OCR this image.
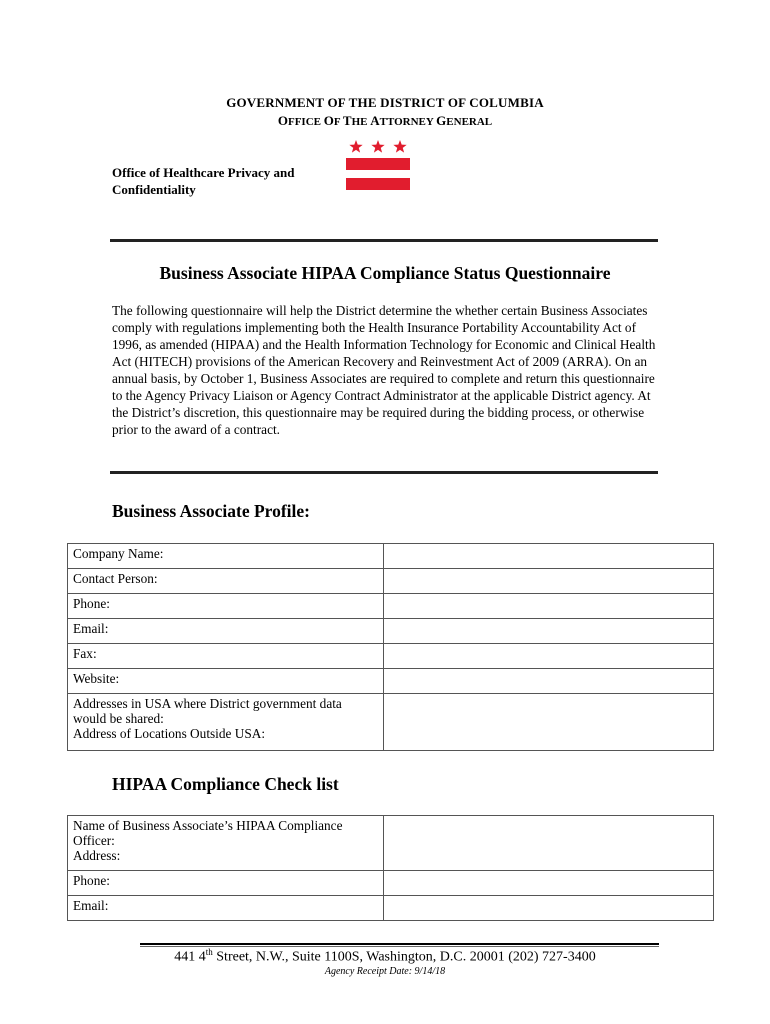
GOVERNMENT OF THE DISTRICT OF COLUMBIA
OFFICE OF THE ATTORNEY GENERAL
Office of Healthcare Privacy and Confidentiality
Business Associate HIPAA Compliance Status Questionnaire
The following questionnaire will help the District determine the whether certain Business Associates comply with regulations implementing both the Health Insurance Portability Accountability Act of 1996, as amended (HIPAA) and the Health Information Technology for Economic and Clinical Health Act (HITECH) provisions of the American Recovery and Reinvestment Act of 2009 (ARRA). On an annual basis, by October 1, Business Associates are required to complete and return this questionnaire to the Agency Privacy Liaison or Agency Contract Administrator at the applicable District agency. At the District’s discretion, this questionnaire may be required during the bidding process, or otherwise prior to the award of a contract.
Business Associate Profile:
Company Name:	
Contact Person:	
Phone:	
Email:	
Fax:	
Website:	

Addresses in USA where District government data would be shared:
Address of Locations Outside USA:	

HIPAA Compliance Check list
Name of Business Associate’s HIPAA Compliance Officer:
Address:	

Phone:	
Email:	
441 4th Street, N.W., Suite 1100S, Washington, D.C. 20001 (202) 727-3400
Agency Receipt Date: 9/14/18
